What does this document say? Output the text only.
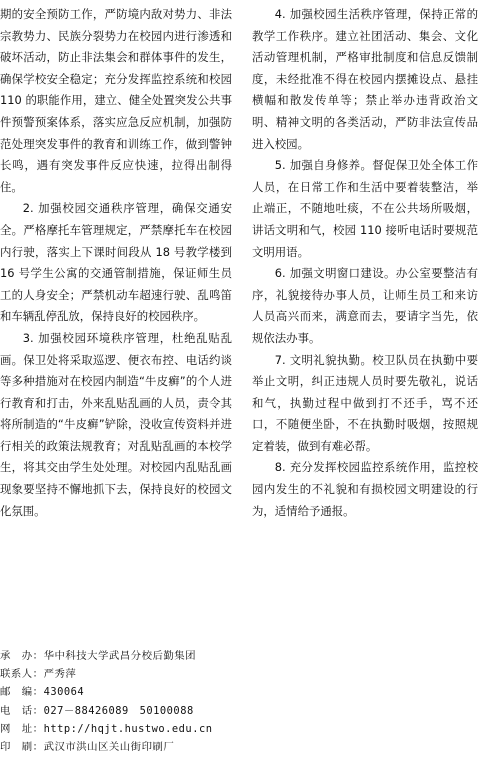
期的安全预防工作，严防境内敌对势力、非法宗教势力、民族分裂势力在校园内进行渗透和破坏活动，防止非法集会和群体事件的发生，确保学校安全稳定；充分发挥监控系统和校园 110 的职能作用，建立、健全处置突发公共事件预警预案体系，落实应急反应机制，加强防范处理突发事件的教育和训练工作，做到警钟长鸣，遇有突发事件反应快速，拉得出制得住。

2. 加强校园交通秩序管理，确保交通安全。严格摩托车管理规定，严禁摩托车在校园内行驶，落实上下课时间段从 18 号教学楼到 16 号学生公寓的交通管制措施，保证师生员工的人身安全；严禁机动车超速行驶、乱鸣笛和车辆乱停乱放，保持良好的校园秩序。

3. 加强校园环境秩序管理，杜绝乱贴乱画。保卫处将采取巡逻、便衣布控、电话约谈等多种措施对在校园内制造“牛皮癣”的个人进行教育和打击，外来乱贴乱画的人员，责令其将所制造的“牛皮癣”铲除，没收宣传资料并进行相关的政策法规教育；对乱贴乱画的本校学生，将其交由学生处处理。对校园内乱贴乱画现象要坚持不懈地抓下去，保持良好的校园文化氛围。

4. 加强校园生活秩序管理，保持正常的教学工作秩序。建立社团活动、集会、文化活动管理机制，严格审批制度和信息反馈制度，未经批准不得在校园内摆摊设点、悬挂横幅和散发传单等；禁止举办违背政治文明、精神文明的各类活动，严防非法宣传品进入校园。

5. 加强自身修养。督促保卫处全体工作人员，在日常工作和生活中要着装整洁，举止端正，不随地吐痰，不在公共场所吸烟，讲话文明和气，校园 110 接听电话时要规范文明用语。

6. 加强文明窗口建设。办公室要整洁有序，礼貌接待办事人员，让师生员工和来访人员高兴而来，满意而去，要请字当先，依规依法办事。

7. 文明礼貌执勤。校卫队员在执勤中要举止文明，纠正违规人员时要先敬礼，说话和气，执勤过程中做到打不还手，骂不还口，不随便坐卧，不在执勤时吸烟，按照规定着装，做到有难必帮。

8. 充分发挥校园监控系统作用，监控校园内发生的不礼貌和有损校园文明建设的行为，适情给予通报。

承　办：华中科技大学武昌分校后勤集团
联系人：严秀萍
邮　编：430064
电　话：027－88426089　50100088
网　址：http://hqjt.hustwo.edu.cn
印　刷：武汉市洪山区关山街印刷厂
